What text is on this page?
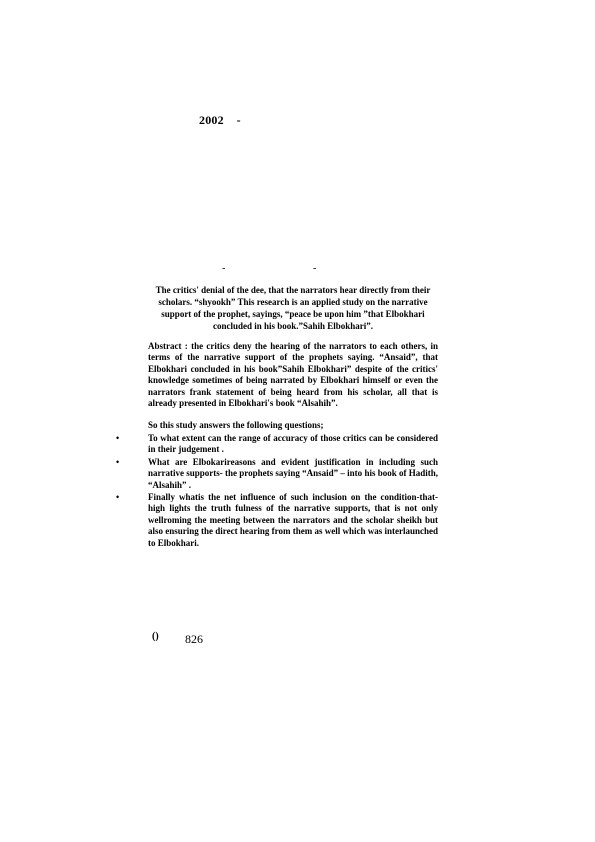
2002    -
-	-
The critics' denial of the dee, that the narrators hear directly from their scholars. “shyookh” This research is an applied study on the narrative support of the prophet, sayings, “peace be upon him ”that Elbokhari concluded in his book.”Sahih Elbokhari”.

Abstract : the critics deny the hearing of the narrators to each others, in terms of the narrative support of the prophets saying. “Ansaid”, that Elbokhari concluded in his book”Sahih Elbokhari” despite of the critics' knowledge sometimes of being narrated by Elbokhari himself or even the narrators frank statement of being heard from his scholar, all that is already presented in Elbokhari's book “Alsahih”.

So this study answers the following questions;
•	To what extent can the range of accuracy of those critics can be considered in their judgement .
•	What are Elbokarireasons and evident justification in including such narrative supports- the prophets saying “Ansaid” – into his book of Hadith, “Alsahih” .
•	Finally whatis the net influence of such inclusion on the condition-that- high lights the truth fulness of the narrative supports, that is not only wellroming the meeting between the narrators and the scholar sheikh but also ensuring the direct hearing from them as well which was interlaunched to Elbokhari.
() 826
